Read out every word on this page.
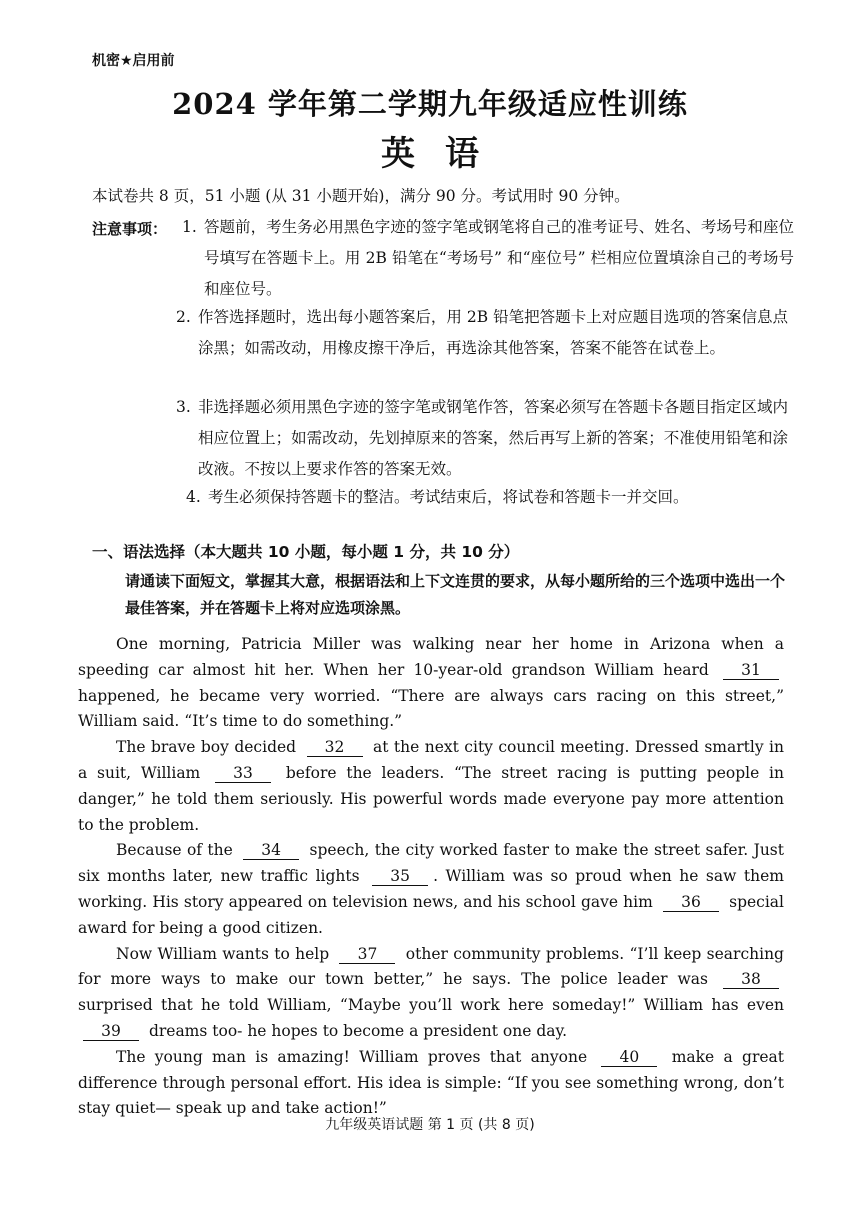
机密★启用前
2024 学年第二学期九年级适应性训练
英语
本试卷共 8 页，51 小题 (从 31 小题开始)，满分 90 分。考试用时 90 分钟。
注意事项： 1. 答题前，考生务必用黑色字迹的签字笔或钢笔将自己的准考证号、姓名、考场号和座位号填写在答题卡上。用 2B 铅笔在“考场号” 和“座位号” 栏相应位置填涂自己的考场号和座位号。
2. 作答选择题时，选出每小题答案后，用 2B 铅笔把答题卡上对应题目选项的答案信息点涂黑；如需改动，用橡皮擦干净后，再选涂其他答案，答案不能答在试卷上。
3. 非选择题必须用黑色字迹的签字笔或钢笔作答，答案必须写在答题卡各题目指定区域内相应位置上；如需改动，先划掉原来的答案，然后再写上新的答案；不准使用铅笔和涂改液。不按以上要求作答的答案无效。
4. 考生必须保持答题卡的整洁。考试结束后，将试卷和答题卡一并交回。
一、语法选择（本大题共 10 小题，每小题 1 分，共 10 分）
请通读下面短文，掌握其大意，根据语法和上下文连贯的要求，从每小题所给的三个选项中选出一个最佳答案，并在答题卡上将对应选项涂黑。

One morning, Patricia Miller was walking near her home in Arizona when a speeding car almost hit her. When her 10-year-old grandson William heard 31 happened, he became very worried. “There are always cars racing on this street,” William said. “It’s time to do something.”

The brave boy decided 32 at the next city council meeting. Dressed smartly in a suit, William 33 before the leaders. “The street racing is putting people in danger,” he told them seriously. His powerful words made everyone pay more attention to the problem.

Because of the 34 speech, the city worked faster to make the street safer. Just six months later, new traffic lights 35 . William was so proud when he saw them working. His story appeared on television news, and his school gave him 36 special award for being a good citizen.

Now William wants to help 37 other community problems. “I’ll keep searching for more ways to make our town better,” he says. The police leader was 38 surprised that he told William, “Maybe you’ll work here someday!” William has even 39 dreams too- he hopes to become a president one day.

The young man is amazing! William proves that anyone 40 make a great difference through personal effort. His idea is simple: “If you see something wrong, don’t stay quiet— speak up and take action!”

九年级英语试题 第 1 页 (共 8 页)
